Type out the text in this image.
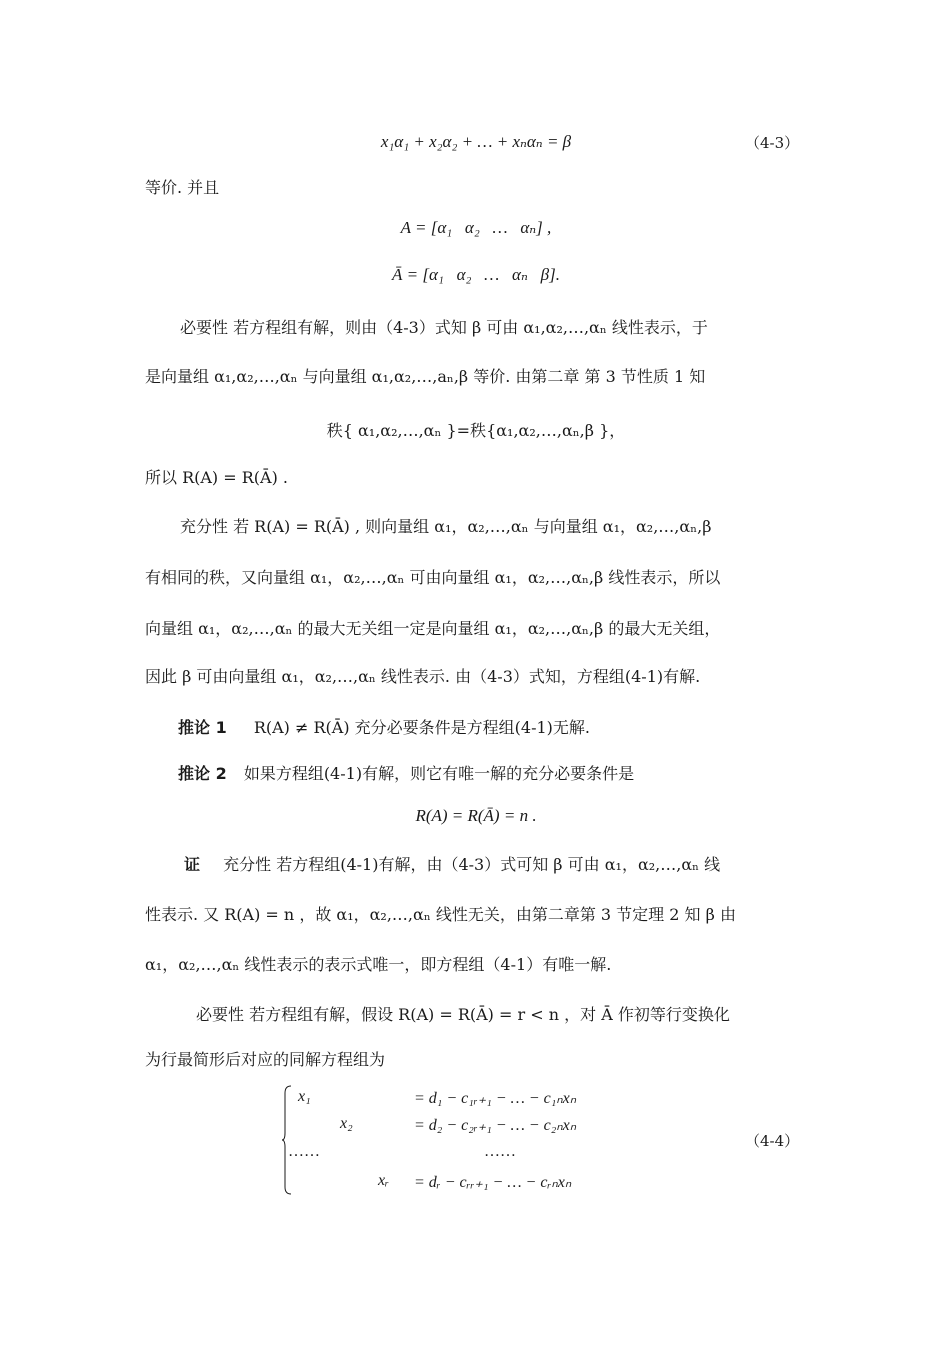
x₁α₁ + x₂α₂ + … + xₙαₙ = β	（4-3）
等价. 并且
A = [α₁   α₂   …   αₙ] ,
Ā = [α₁   α₂   …   αₙ   β].
必要性 若方程组有解，则由（4-3）式知 β 可由 α₁,α₂,…,αₙ 线性表示，于
是向量组 α₁,α₂,…,αₙ 与向量组 α₁,α₂,…,aₙ,β 等价. 由第二章 第 3 节性质 1 知
秩{ α₁,α₂,…,αₙ }=秩{α₁,α₂,…,αₙ,β }，
所以 R(A) = R(Ā) .
充分性 若 R(A) = R(Ā) , 则向量组 α₁，α₂,…,αₙ 与向量组 α₁，α₂,…,αₙ,β
有相同的秩，又向量组 α₁，α₂,…,αₙ 可由向量组 α₁，α₂,…,αₙ,β 线性表示，所以
向量组 α₁，α₂,…,αₙ 的最大无关组一定是向量组 α₁，α₂,…,αₙ,β 的最大无关组，
因此 β 可由向量组 α₁，α₂,…,αₙ 线性表示. 由（4-3）式知，方程组(4-1)有解.
推论 1 R(A) ≠ R(Ā) 充分必要条件是方程组(4-1)无解.
推论 2 如果方程组(4-1)有解，则它有唯一解的充分必要条件是
R(A) = R(Ā) = n .
证 充分性 若方程组(4-1)有解，由（4-3）式可知 β 可由 α₁，α₂,…,αₙ 线
性表示. 又 R(A) = n ，故 α₁，α₂,…,αₙ 线性无关，由第二章第 3 节定理 2 知 β 由
α₁，α₂,…,αₙ 线性表示的表示式唯一，即方程组（4-1）有唯一解.
必要性 若方程组有解，假设 R(A) = R(Ā) = r < n ，对 Ā 作初等行变换化
为行最简形后对应的同解方程组为
x₁	= d₁ − c₁ᵣ₊₁ − … − c₁ₙxₙ
x₂	= d₂ − c₂ᵣ₊₁ − … − c₂ₙxₙ
……	……
xᵣ = dᵣ − cᵣᵣ₊₁ − … − cᵣₙxₙ
（4-4）
